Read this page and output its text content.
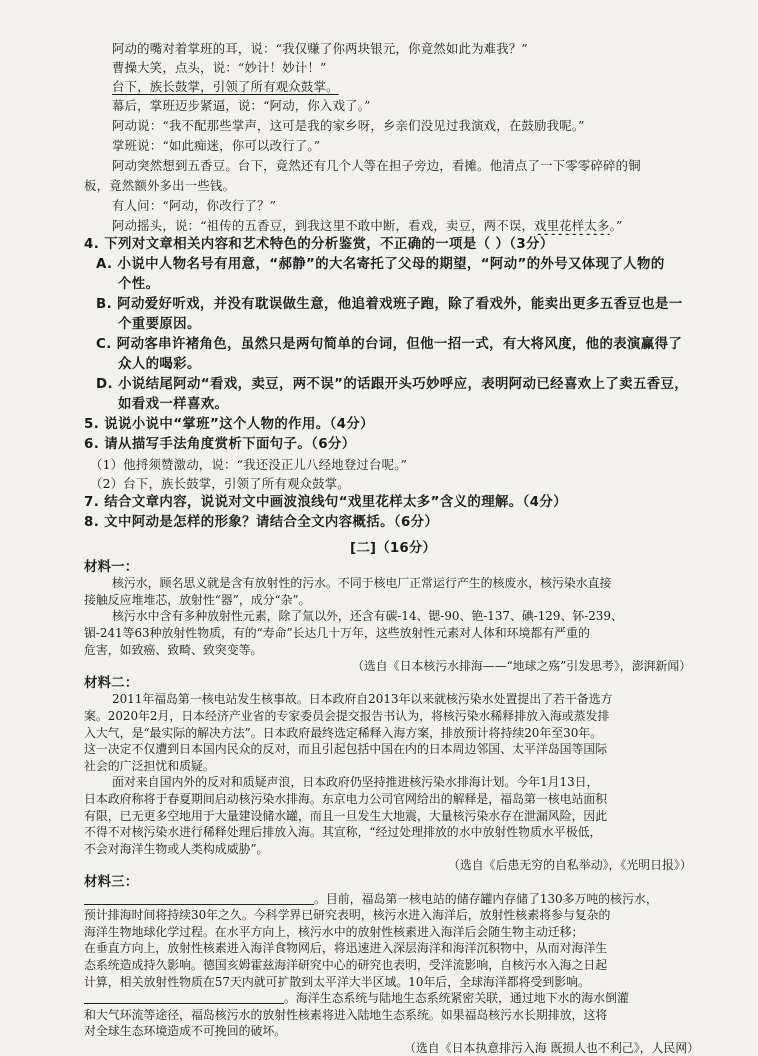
阿动的嘴对着掌班的耳，说：“我仅赚了你两块银元，你竟然如此为难我？”
曹操大笑，点头，说：“妙计！妙计！”
台下，族长鼓掌，引领了所有观众鼓掌。
幕后，掌班迈步紧逼，说：“阿动，你入戏了。”
阿动说：“我不配那些掌声，这可是我的家乡呀，乡亲们没见过我演戏，在鼓励我呢。”
掌班说：“如此痴迷，你可以改行了。”
阿动突然想到五香豆。台下，竟然还有几个人等在担子旁边，看摊。他清点了一下零零碎碎的铜
板，竟然额外多出一些钱。
有人问：“阿动，你改行了？”
阿动摇头，说：“祖传的五香豆，到我这里不敢中断，看戏，卖豆，两不误，戏里花样太多。”
4. 下列对文章相关内容和艺术特色的分析鉴赏，不正确的一项是（ ）（3分）
A. 小说中人物名号有用意，“郝静”的大名寄托了父母的期望，“阿动”的外号又体现了人物的
个性。
B. 阿动爱好听戏，并没有耽误做生意，他追着戏班子跑，除了看戏外，能卖出更多五香豆也是一
个重要原因。
C. 阿动客串许褚角色，虽然只是两句简单的台词，但他一招一式，有大将风度，他的表演赢得了
众人的喝彩。
D. 小说结尾阿动“看戏，卖豆，两不误”的话跟开头巧妙呼应，表明阿动已经喜欢上了卖五香豆，
如看戏一样喜欢。
5. 说说小说中“掌班”这个人物的作用。（4分）
6. 请从描写手法角度赏析下面句子。（6分）
（1）他捋须赞激动，说：“我还没正儿八经地登过台呢。”
（2）台下，族长鼓掌，引领了所有观众鼓掌。
7. 结合文章内容，说说对文中画波浪线句“戏里花样太多”含义的理解。（4分）
8. 文中阿动是怎样的形象？请结合全文内容概括。（6分）
[二]（16分）
材料一：
核污水，顾名思义就是含有放射性的污水。不同于核电厂正常运行产生的核废水，核污染水直接
接触反应堆堆芯，放射性“器”，成分“杂”。
核污水中含有多种放射性元素，除了氚以外，还含有碳-14、锶-90、铯-137、碘-129、钚-239、
镅-241等63种放射性物质，有的“寿命”长达几十万年，这些放射性元素对人体和环境都有严重的
危害，如致癌、致畸、致突变等。
（选自《日本核污水排海——“地球之殇”引发思考》，澎湃新闻）
材料二：
2011年福岛第一核电站发生核事故。日本政府自2013年以来就核污染水处置提出了若干备选方
案。2020年2月，日本经济产业省的专家委员会提交报告书认为，将核污染水稀释排放入海或蒸发排
入大气，是“最实际的解决方法”。日本政府最终选定稀释入海方案，排放预计将持续20年至30年。
这一决定不仅遭到日本国内民众的反对，而且引起包括中国在内的日本周边邻国、太平洋岛国等国际
社会的广泛担忧和质疑。
面对来自国内外的反对和质疑声浪，日本政府仍坚持推进核污染水排海计划。今年1月13日，
日本政府称将于春夏期间启动核污染水排海。东京电力公司官网给出的解释是，福岛第一核电站面积
有限，已无更多空地用于大量建设储水罐，而且一旦发生大地震，大量核污染水存在泄漏风险，因此
不得不对核污染水进行稀释处理后排放入海。其宣称，“经过处理排放的水中放射性物质水平极低，
不会对海洋生物或人类构成威胁”。
（选自《后患无穷的自私举动》，《光明日报》）
材料三：
。目前，福岛第一核电站的储存罐内存储了130多万吨的核污水，
预计排海时间将持续30年之久。今科学界已研究表明，核污水进入海洋后，放射性核素将参与复杂的
海洋生物地球化学过程。在水平方向上，核污水中的放射性核素进入海洋后会随生物主动迁移；
在垂直方向上，放射性核素进入海洋食物网后，将迅速进入深层海洋和海洋沉积物中，从而对海洋生
态系统造成持久影响。德国亥姆霍兹海洋研究中心的研究也表明，受洋流影响，自核污水入海之日起
计算，相关放射性物质在57天内就可扩散到太平洋大半区域。10年后，全球海洋都将受到影响。
。海洋生态系统与陆地生态系统紧密关联，通过地下水的海水倒灌
和大气环流等途径，福岛核污水的放射性核素将进入陆地生态系统。如果福岛核污水长期排放，这将
对全球生态环境造成不可挽回的破坏。
（选自《日本执意排污入海 既损人也不利己》，人民网）
